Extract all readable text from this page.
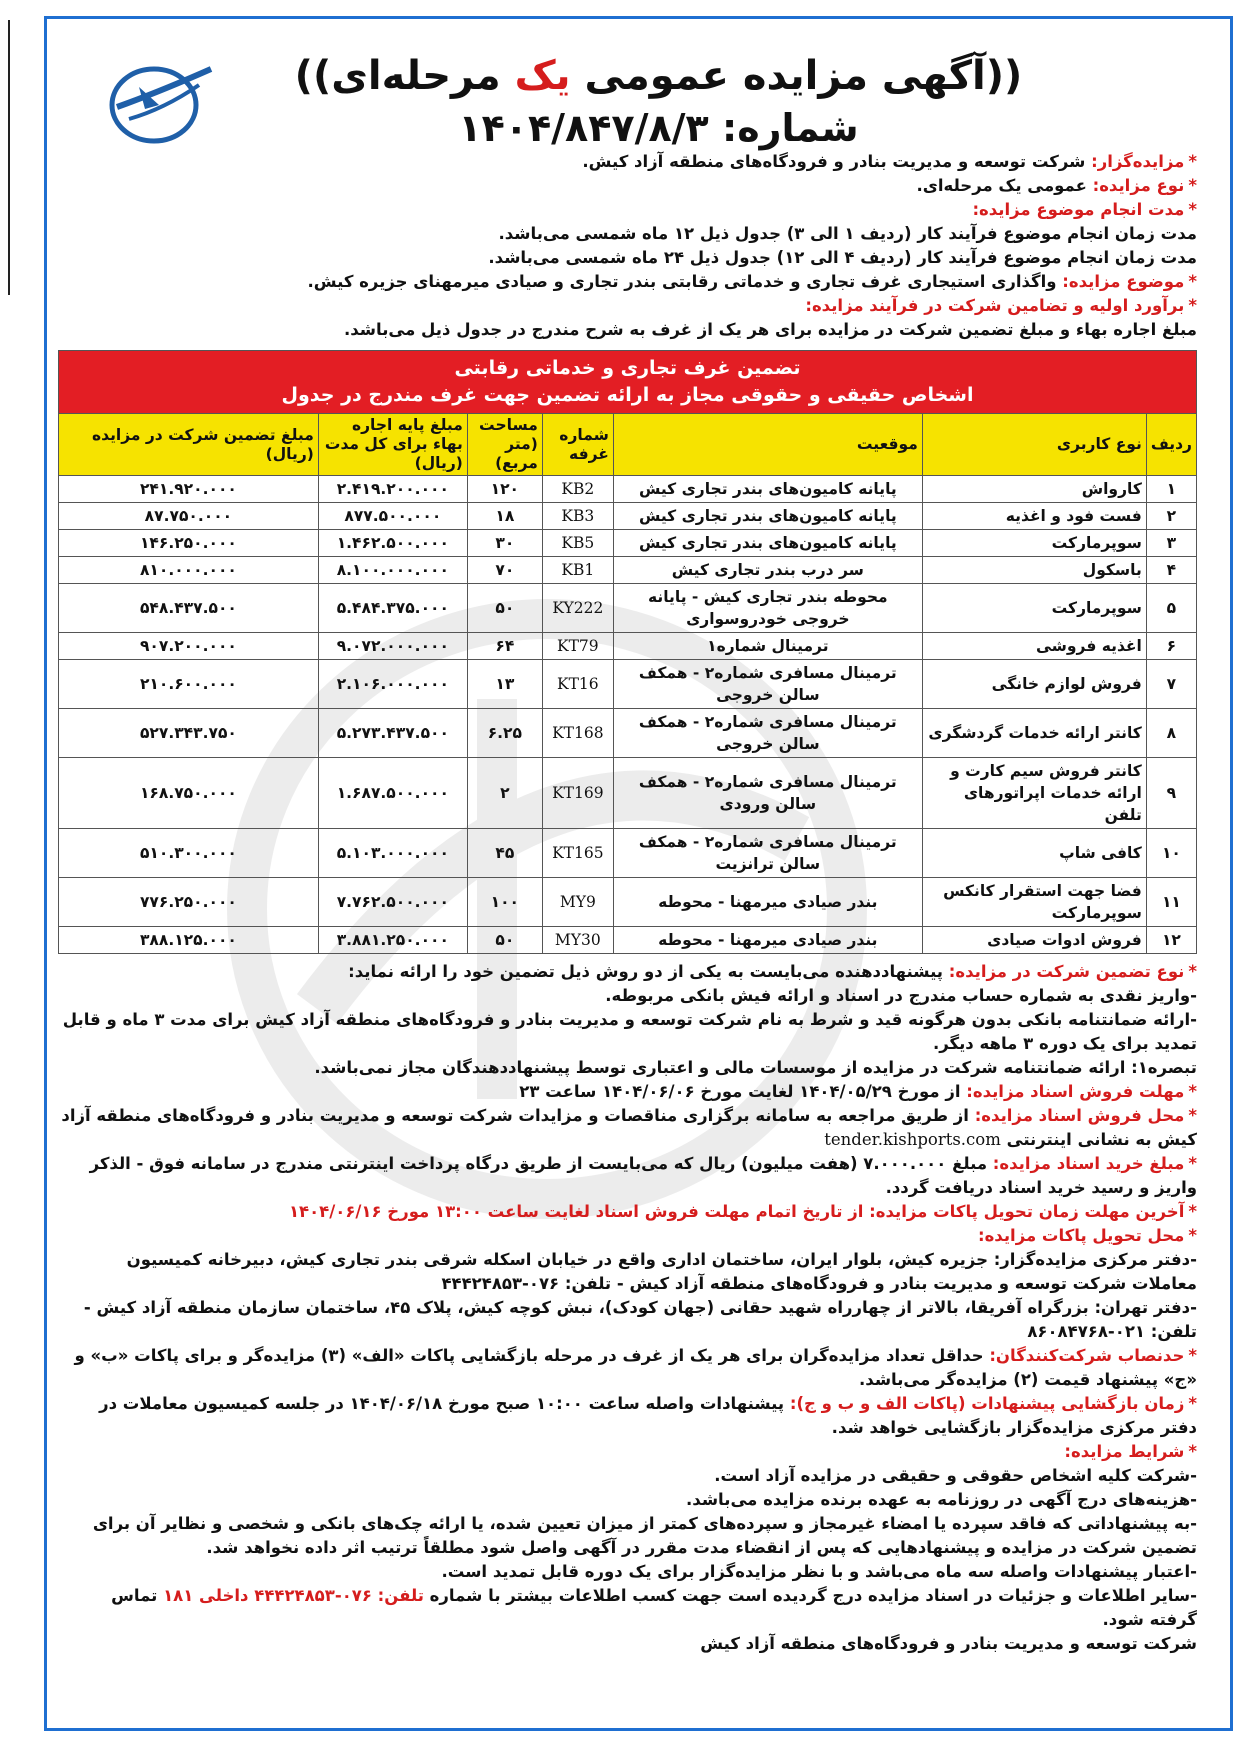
((آگهی مزایده عمومی یک مرحله‌ای))
شماره: ۱۴۰۴/۸۴۷/۸/۳

*مزایده‌گزار: شرکت توسعه و مدیریت بنادر و فرودگاه‌های منطقه آزاد کیش.

*نوع مزایده: عمومی یک مرحله‌ای.

*مدت انجام موضوع مزایده:

مدت زمان انجام موضوع فرآیند کار (ردیف ۱ الی ۳) جدول ذیل ۱۲ ماه شمسی می‌باشد.

مدت زمان انجام موضوع فرآیند کار (ردیف ۴ الی ۱۲) جدول ذیل ۲۴ ماه شمسی می‌باشد.

*موضوع مزایده: واگذاری استیجاری غرف تجاری و خدماتی رقابتی بندر تجاری و صیادی میرمهنای جزیره کیش.

*برآورد اولیه و تضامین شرکت در فرآیند مزایده:

مبلغ اجاره بهاء و مبلغ تضمین شرکت در مزایده برای هر یک از غرف به شرح مندرج در جدول ذیل می‌باشد.

تضمین غرف تجاری و خدماتی رقابتی
اشخاص حقیقی و حقوقی مجاز به ارائه تضمین جهت غرف مندرج در جدول
ردیف	نوع کاربری	موقعیت	شماره غرفه	مساحت (متر مربع)	مبلغ پایه اجاره بهاء برای کل مدت (ریال)	مبلغ تضمین شرکت در مزایده (ریال)
۱	کارواش	پایانه کامیون‌های بندر تجاری کیش	KB2	۱۲۰	۲.۴۱۹.۲۰۰.۰۰۰	۲۴۱.۹۲۰.۰۰۰
۲	فست فود و اغذیه	پایانه کامیون‌های بندر تجاری کیش	KB3	۱۸	۸۷۷.۵۰۰.۰۰۰	۸۷.۷۵۰.۰۰۰
۳	سوپرمارکت	پایانه کامیون‌های بندر تجاری کیش	KB5	۳۰	۱.۴۶۲.۵۰۰.۰۰۰	۱۴۶.۲۵۰.۰۰۰
۴	باسکول	سر درب بندر تجاری کیش	KB1	۷۰	۸.۱۰۰.۰۰۰.۰۰۰	۸۱۰.۰۰۰.۰۰۰
۵	سوپرمارکت	محوطه بندر تجاری کیش - پایانه خروجی خودروسواری	KY222	۵۰	۵.۴۸۴.۳۷۵.۰۰۰	۵۴۸.۴۳۷.۵۰۰
۶	اغذیه فروشی	ترمینال شماره۱	KT79	۶۴	۹.۰۷۲.۰۰۰.۰۰۰	۹۰۷.۲۰۰.۰۰۰
۷	فروش لوازم خانگی	ترمینال مسافری شماره۲ - همکف سالن خروجی	KT16	۱۳	۲.۱۰۶.۰۰۰.۰۰۰	۲۱۰.۶۰۰.۰۰۰
۸	کانتر ارائه خدمات گردشگری	ترمینال مسافری شماره۲ - همکف سالن خروجی	KT168	۶.۲۵	۵.۲۷۳.۴۳۷.۵۰۰	۵۲۷.۳۴۳.۷۵۰
۹	کانتر فروش سیم کارت و ارائه خدمات اپراتورهای تلفن	ترمینال مسافری شماره۲ - همکف سالن ورودی	KT169	۲	۱.۶۸۷.۵۰۰.۰۰۰	۱۶۸.۷۵۰.۰۰۰
۱۰	کافی شاپ	ترمینال مسافری شماره۲ - همکف سالن ترانزیت	KT165	۴۵	۵.۱۰۳.۰۰۰.۰۰۰	۵۱۰.۳۰۰.۰۰۰
۱۱	فضا جهت استقرار کانکس سوپرمارکت	بندر صیادی میرمهنا - محوطه	MY9	۱۰۰	۷.۷۶۲.۵۰۰.۰۰۰	۷۷۶.۲۵۰.۰۰۰
۱۲	فروش ادوات صیادی	بندر صیادی میرمهنا - محوطه	MY30	۵۰	۳.۸۸۱.۲۵۰.۰۰۰	۳۸۸.۱۲۵.۰۰۰

*نوع تضمین شرکت در مزایده: پیشنهاددهنده می‌بایست به یکی از دو روش ذیل تضمین خود را ارائه نماید:

-واریز نقدی به شماره حساب مندرج در اسناد و ارائه فیش بانکی مربوطه.

-ارائه ضمانتنامه بانکی بدون هرگونه قید و شرط به نام شرکت توسعه و مدیریت بنادر و فرودگاه‌های منطقه آزاد کیش برای مدت ۳ ماه و قابل تمدید برای یک دوره ۳ ماهه دیگر.

تبصره۱: ارائه ضمانتنامه شرکت در مزایده از موسسات مالی و اعتباری توسط پیشنهاددهندگان مجاز نمی‌باشد.

*مهلت فروش اسناد مزایده: از مورخ ۱۴۰۴/۰۵/۲۹ لغایت مورخ ۱۴۰۴/۰۶/۰۶ ساعت ۲۳

*محل فروش اسناد مزایده: از طریق مراجعه به سامانه برگزاری مناقصات و مزایدات شرکت توسعه و مدیریت بنادر و فرودگاه‌های منطقه آزاد کیش به نشانی اینترنتی tender.kishports.com

*مبلغ خرید اسناد مزایده: مبلغ ۷.۰۰۰.۰۰۰ (هفت میلیون) ریال که می‌بایست از طریق درگاه پرداخت اینترنتی مندرج در سامانه فوق - الذکر واریز و رسید خرید اسناد دریافت گردد.

*آخرین مهلت زمان تحویل پاکات مزایده: از تاریخ اتمام مهلت فروش اسناد لغایت ساعت ۱۳:۰۰ مورخ ۱۴۰۴/۰۶/۱۶

*محل تحویل پاکات مزایده:

-دفتر مرکزی مزایده‌گزار: جزیره کیش، بلوار ایران، ساختمان اداری واقع در خیابان اسکله شرقی بندر تجاری کیش، دبیرخانه کمیسیون معاملات شرکت توسعه و مدیریت بنادر و فرودگاه‌های منطقه آزاد کیش - تلفن: ۰۷۶-۴۴۴۲۴۸۵۳

-دفتر تهران: بزرگراه آفریقا، بالاتر از چهارراه شهید حقانی (جهان کودک)، نبش کوچه کیش، پلاک ۴۵، ساختمان سازمان منطقه آزاد کیش - تلفن: ۰۲۱-۸۶۰۸۴۷۶۸

*حدنصاب شرکت‌کنندگان: حداقل تعداد مزایده‌گران برای هر یک از غرف در مرحله بازگشایی پاکات «الف» (۳) مزایده‌گر و برای پاکات «ب» و «ج» پیشنهاد قیمت (۲) مزایده‌گر می‌باشد.

*زمان بازگشایی پیشنهادات (پاکات الف و ب و ج): پیشنهادات واصله ساعت ۱۰:۰۰ صبح مورخ ۱۴۰۴/۰۶/۱۸ در جلسه کمیسیون معاملات در دفتر مرکزی مزایده‌گزار بازگشایی خواهد شد.

*شرایط مزایده:

-شرکت کلیه اشخاص حقوقی و حقیقی در مزایده آزاد است.

-هزینه‌های درج آگهی در روزنامه به عهده برنده مزایده می‌باشد.

-به پیشنهاداتی که فاقد سپرده یا امضاء غیرمجاز و سپرده‌های کمتر از میزان تعیین شده، یا ارائه چک‌های بانکی و شخصی و نظایر آن برای تضمین شرکت در مزایده و پیشنهادهایی که پس از انقضاء مدت مقرر در آگهی واصل شود مطلقاً ترتیب اثر داده نخواهد شد.

-اعتبار پیشنهادات واصله سه ماه می‌باشد و با نظر مزایده‌گزار برای یک دوره قابل تمدید است.

-سایر اطلاعات و جزئیات در اسناد مزایده درج گردیده است جهت کسب اطلاعات بیشتر با شماره تلفن: ۰۷۶-۴۴۴۲۴۸۵۳ داخلی ۱۸۱ تماس گرفته شود.

شرکت توسعه و مدیریت بنادر و فرودگاه‌های منطقه آزاد کیش
